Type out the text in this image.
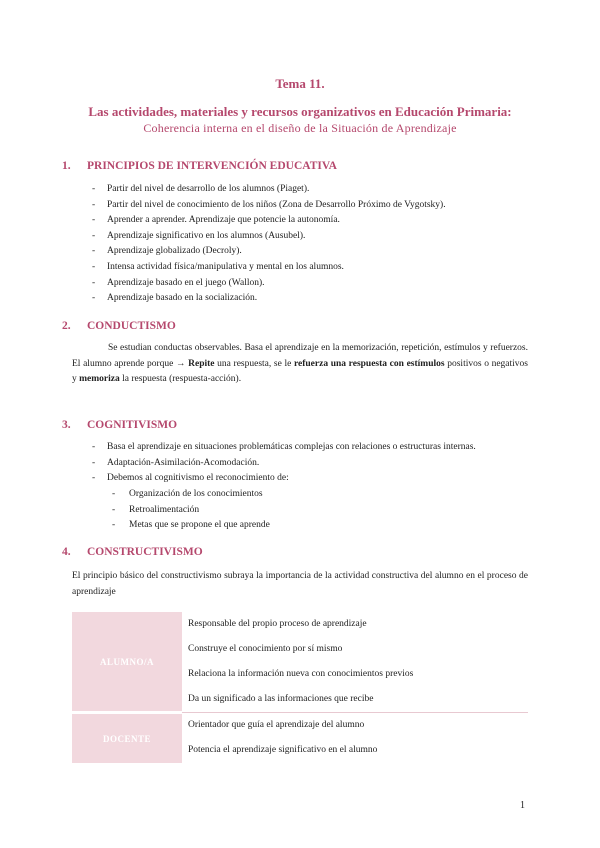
Tema 11.
Las actividades, materiales y recursos organizativos en Educación Primaria:
Coherencia interna en el diseño de la Situación de Aprendizaje
1. PRINCIPIOS DE INTERVENCIÓN EDUCATIVA
- Partir del nivel de desarrollo de los alumnos (Piaget).
- Partir del nivel de conocimiento de los niños (Zona de Desarrollo Próximo de Vygotsky).
- Aprender a aprender. Aprendizaje que potencie la autonomía.
- Aprendizaje significativo en los alumnos (Ausubel).
- Aprendizaje globalizado (Decroly).
- Intensa actividad física/manipulativa y mental en los alumnos.
- Aprendizaje basado en el juego (Wallon).
- Aprendizaje basado en la socialización.
2. CONDUCTISMO
Se estudian conductas observables. Basa el aprendizaje en la memorización, repetición, estímulos y refuerzos. El alumno aprende porque → Repite una respuesta, se le refuerza una respuesta con estímulos positivos o negativos y memoriza la respuesta (respuesta-acción).
3. COGNITIVISMO
- Basa el aprendizaje en situaciones problemáticas complejas con relaciones o estructuras internas.
- Adaptación-Asimilación-Acomodación.
- Debemos al cognitivismo el reconocimiento de:
- Organización de los conocimientos
- Retroalimentación
- Metas que se propone el que aprende
4. CONSTRUCTIVISMO
El principio básico del constructivismo subraya la importancia de la actividad constructiva del alumno en el proceso de aprendizaje
ALUMNO/A	Responsable del propio proceso de aprendizaje
Construye el conocimiento por sí mismo
Relaciona la información nueva con conocimientos previos
Da un significado a las informaciones que recibe

DOCENTE	Orientador que guía el aprendizaje del alumno
Potencia el aprendizaje significativo en el alumno
1
